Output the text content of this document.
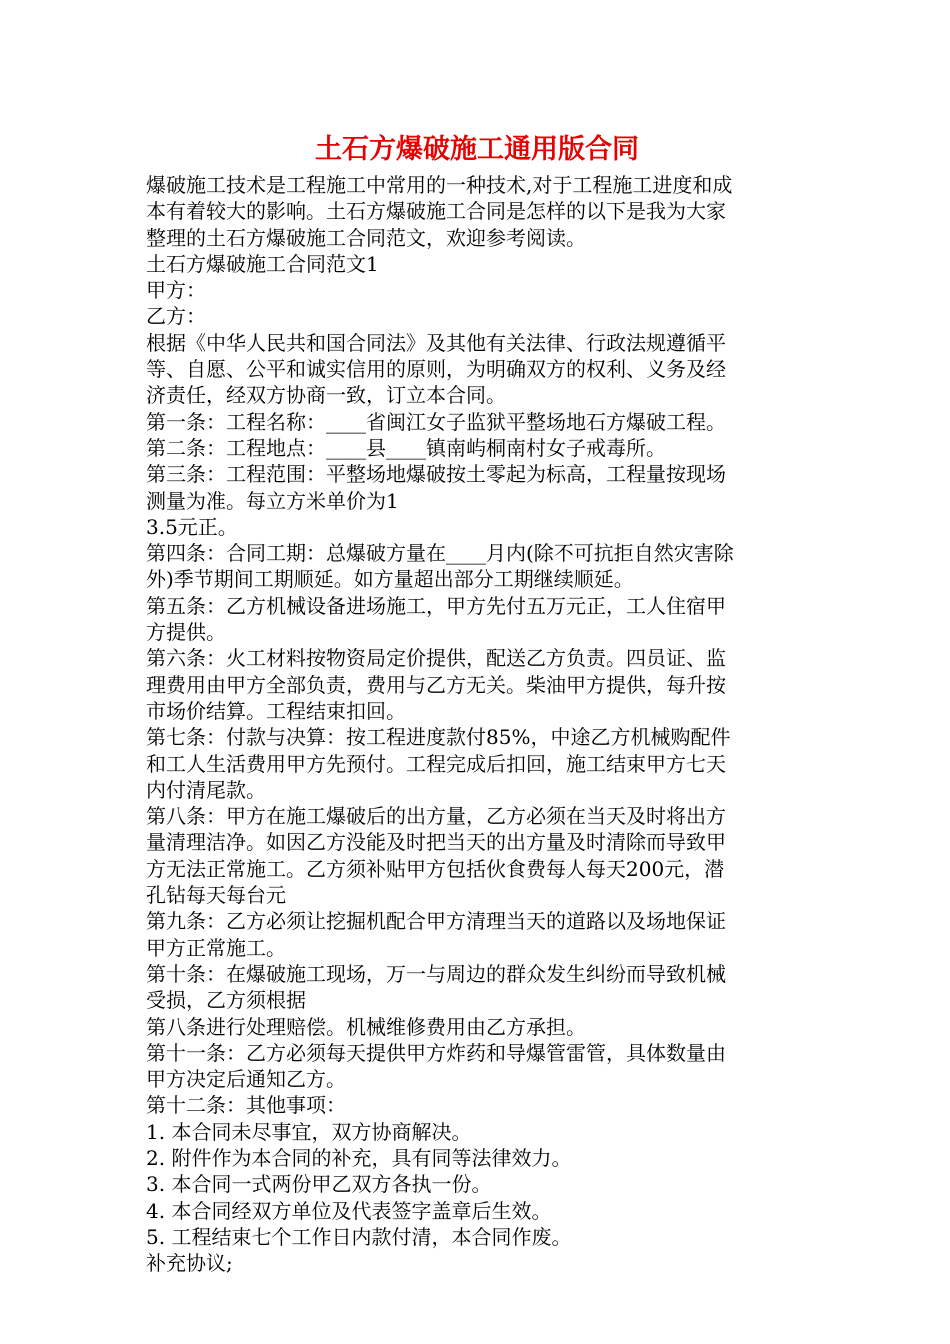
土石方爆破施工通用版合同
爆破施工技术是工程施工中常用的一种技术,对于工程施工进度和成
本有着较大的影响。土石方爆破施工合同是怎样的以下是我为大家
整理的土石方爆破施工合同范文，欢迎参考阅读。
土石方爆破施工合同范文1
甲方：
乙方：
根据《中华人民共和国合同法》及其他有关法律、行政法规遵循平
等、自愿、公平和诚实信用的原则，为明确双方的权利、义务及经
济责任，经双方协商一致，订立本合同。
第一条：工程名称：____省闽江女子监狱平整场地石方爆破工程。
第二条：工程地点：____县____镇南屿桐南村女子戒毒所。
第三条：工程范围：平整场地爆破按土零起为标高，工程量按现场
测量为准。每立方米单价为1
3.5元正。
第四条：合同工期：总爆破方量在____月内(除不可抗拒自然灾害除
外)季节期间工期顺延。如方量超出部分工期继续顺延。
第五条：乙方机械设备进场施工，甲方先付五万元正，工人住宿甲
方提供。
第六条：火工材料按物资局定价提供，配送乙方负责。四员证、监
理费用由甲方全部负责，费用与乙方无关。柴油甲方提供，每升按
市场价结算。工程结束扣回。
第七条：付款与决算：按工程进度款付85%，中途乙方机械购配件
和工人生活费用甲方先预付。工程完成后扣回，施工结束甲方七天
内付清尾款。
第八条：甲方在施工爆破后的出方量，乙方必须在当天及时将出方
量清理洁净。如因乙方没能及时把当天的出方量及时清除而导致甲
方无法正常施工。乙方须补贴甲方包括伙食费每人每天200元，潜
孔钻每天每台元
第九条：乙方必须让挖掘机配合甲方清理当天的道路以及场地保证
甲方正常施工。
第十条：在爆破施工现场，万一与周边的群众发生纠纷而导致机械
受损，乙方须根据
第八条进行处理赔偿。机械维修费用由乙方承担。
第十一条：乙方必须每天提供甲方炸药和导爆管雷管，具体数量由
甲方决定后通知乙方。
第十二条：其他事项：
1. 本合同未尽事宜，双方协商解决。
2. 附件作为本合同的补充，具有同等法律效力。
3. 本合同一式两份甲乙双方各执一份。
4. 本合同经双方单位及代表签字盖章后生效。
5. 工程结束七个工作日内款付清，本合同作废。
补充协议;
